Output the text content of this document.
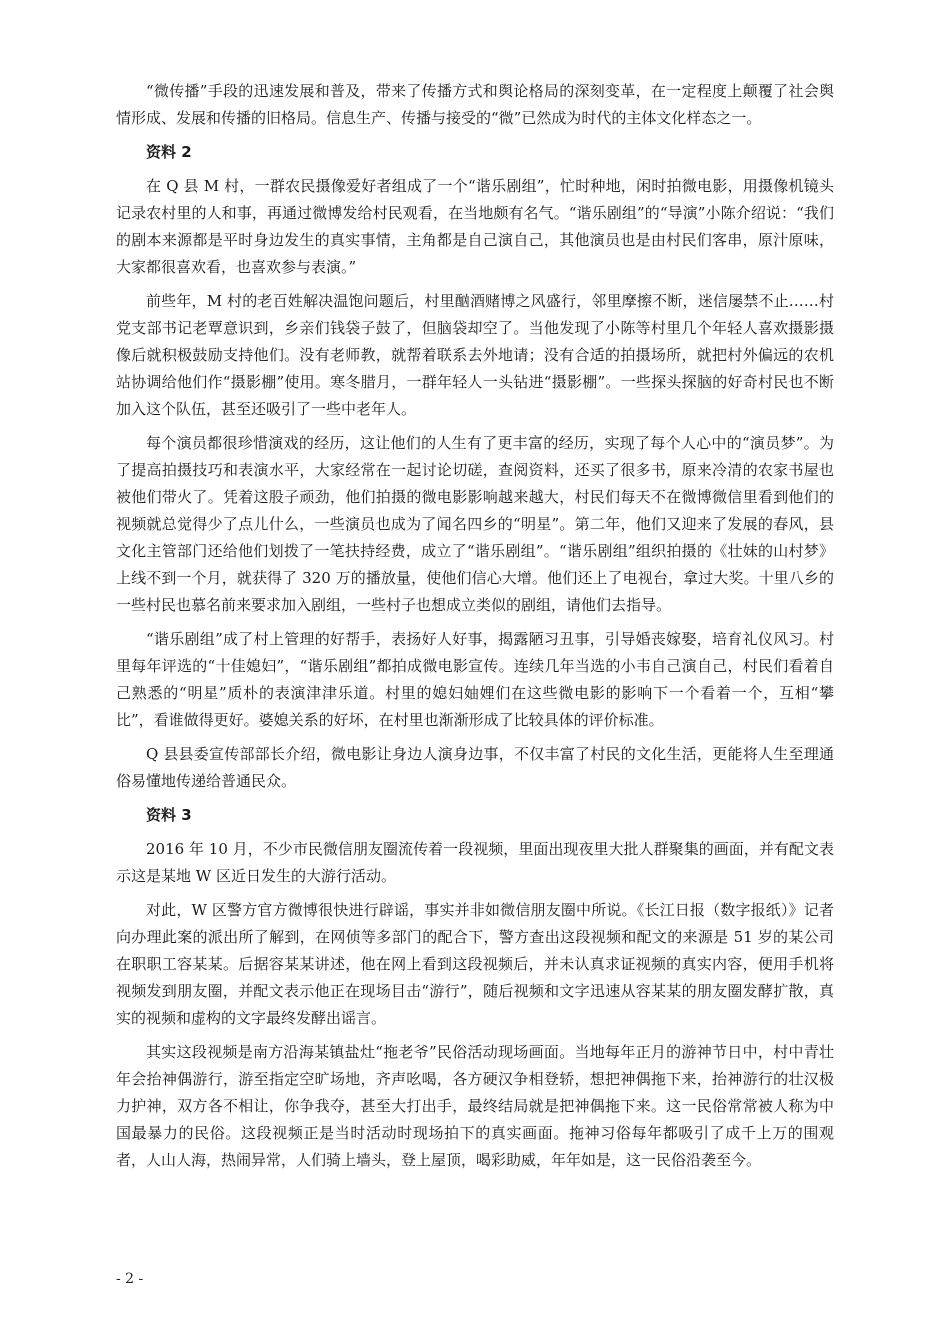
“微传播”手段的迅速发展和普及，带来了传播方式和舆论格局的深刻变革，在一定程度上颠覆了社会舆情形成、发展和传播的旧格局。信息生产、传播与接受的“微”已然成为时代的主体文化样态之一。

资料 2

在 Q 县 M 村，一群农民摄像爱好者组成了一个“谐乐剧组”，忙时种地，闲时拍微电影，用摄像机镜头记录农村里的人和事，再通过微博发给村民观看，在当地颇有名气。“谐乐剧组”的“导演”小陈介绍说：“我们的剧本来源都是平时身边发生的真实事情，主角都是自己演自己，其他演员也是由村民们客串，原汁原味，大家都很喜欢看，也喜欢参与表演。”

前些年，M 村的老百姓解决温饱问题后，村里酗酒赌博之风盛行，邻里摩擦不断，迷信屡禁不止……村党支部书记老覃意识到，乡亲们钱袋子鼓了，但脑袋却空了。当他发现了小陈等村里几个年轻人喜欢摄影摄像后就积极鼓励支持他们。没有老师教，就帮着联系去外地请；没有合适的拍摄场所，就把村外偏远的农机站协调给他们作“摄影棚”使用。寒冬腊月，一群年轻人一头钻进“摄影棚”。一些探头探脑的好奇村民也不断加入这个队伍，甚至还吸引了一些中老年人。

每个演员都很珍惜演戏的经历，这让他们的人生有了更丰富的经历，实现了每个人心中的“演员梦”。为了提高拍摄技巧和表演水平，大家经常在一起讨论切磋，查阅资料，还买了很多书，原来冷清的农家书屋也被他们带火了。凭着这股子顽劲，他们拍摄的微电影影响越来越大，村民们每天不在微博微信里看到他们的视频就总觉得少了点儿什么，一些演员也成为了闻名四乡的“明星”。第二年，他们又迎来了发展的春风，县文化主管部门还给他们划拨了一笔扶持经费，成立了“谐乐剧组”。“谐乐剧组”组织拍摄的《壮妹的山村梦》上线不到一个月，就获得了 320 万的播放量，使他们信心大增。他们还上了电视台，拿过大奖。十里八乡的一些村民也慕名前来要求加入剧组，一些村子也想成立类似的剧组，请他们去指导。

“谐乐剧组”成了村上管理的好帮手，表扬好人好事，揭露陋习丑事，引导婚丧嫁娶，培育礼仪风习。村里每年评选的“十佳媳妇”，“谐乐剧组”都拍成微电影宣传。连续几年当选的小韦自己演自己，村民们看着自己熟悉的“明星”质朴的表演津津乐道。村里的媳妇妯娌们在这些微电影的影响下一个看着一个，互相“攀比”，看谁做得更好。婆媳关系的好坏，在村里也渐渐形成了比较具体的评价标准。

Q 县县委宣传部部长介绍，微电影让身边人演身边事，不仅丰富了村民的文化生活，更能将人生至理通俗易懂地传递给普通民众。

资料 3

2016 年 10 月，不少市民微信朋友圈流传着一段视频，里面出现夜里大批人群聚集的画面，并有配文表示这是某地 W 区近日发生的大游行活动。

对此，W 区警方官方微博很快进行辟谣，事实并非如微信朋友圈中所说。《长江日报（数字报纸）》记者向办理此案的派出所了解到，在网侦等多部门的配合下，警方查出这段视频和配文的来源是 51 岁的某公司在职职工容某某。后据容某某讲述，他在网上看到这段视频后，并未认真求证视频的真实内容，便用手机将视频发到朋友圈，并配文表示他正在现场目击“游行”，随后视频和文字迅速从容某某的朋友圈发酵扩散，真实的视频和虚构的文字最终发酵出谣言。

其实这段视频是南方沿海某镇盐灶“拖老爷”民俗活动现场画面。当地每年正月的游神节日中，村中青壮年会抬神偶游行，游至指定空旷场地，齐声吆喝，各方硬汉争相登轿，想把神偶拖下来，抬神游行的壮汉极力护神，双方各不相让，你争我夺，甚至大打出手，最终结局就是把神偶拖下来。这一民俗常常被人称为中国最暴力的民俗。这段视频正是当时活动时现场拍下的真实画面。拖神习俗每年都吸引了成千上万的围观者，人山人海，热闹异常，人们骑上墙头，登上屋顶，喝彩助威，年年如是，这一民俗沿袭至今。

- 2 -
